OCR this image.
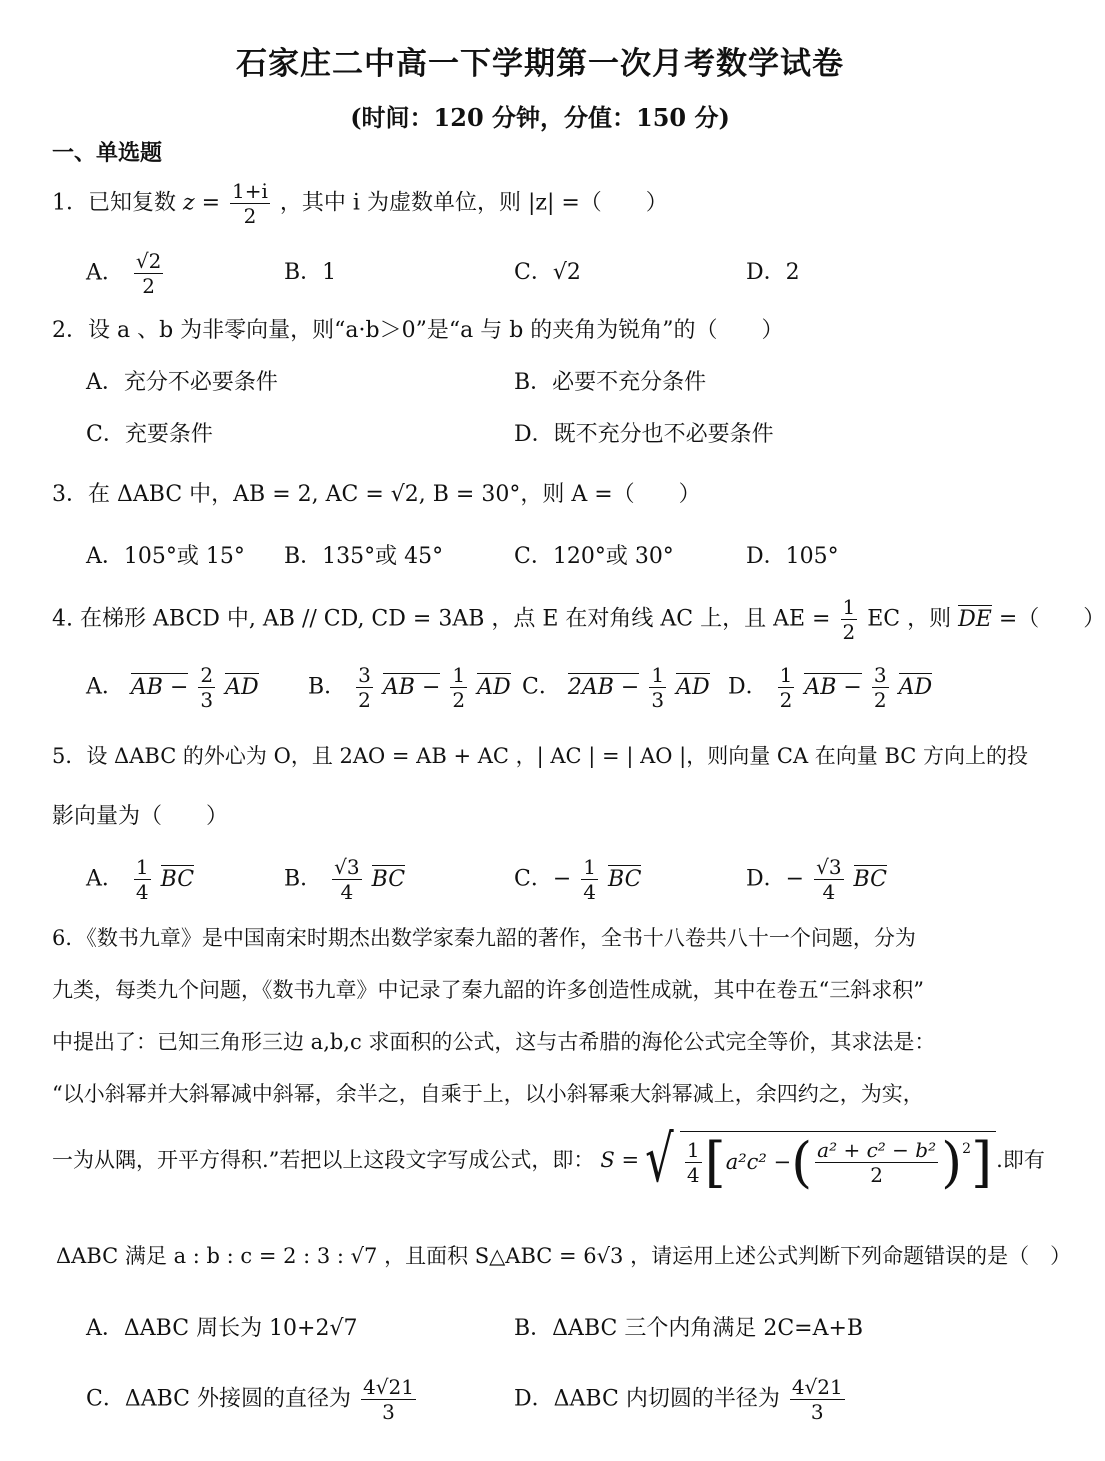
石家庄二中高一下学期第一次月考数学试卷
(时间：120 分钟，分值：150 分)
一、单选题
1．已知复数 $z = \frac{1+i}{2}$ ，其中 i 为虚数单位，则 |z| =（　　）
A． $\frac{√2}{2}$	B．1	C．√2	D．2
2．设 a 、b 为非零向量，则“a·b＞0”是“a 与 b 的夹角为锐角”的（　　）
A．充分不必要条件	B．必要不充分条件
C．充要条件	D．既不充分也不必要条件
3．在 ΔABC 中，AB = 2, AC = √2, B = 30°，则 A =（　　）
A．105°或 15° B．135°或 45°	C．120°或 30°	D．105°
4. 在梯形 ABCD 中, AB // CD, CD = 3AB ，点 E 在对角线 AC 上，且 AE = $\frac{1}{2}$ EC ，则 DE =（　　）
A． AB − $\frac{2}{3}$ AD B． $\frac{3}{2}$ AB − $\frac{1}{2}$ AD C． $2AB - \frac{1}{3}$ AD D． $\frac{1}{2}$ AB − $\frac{3}{2}$ AD
5．设 ΔABC 的外心为 O，且 2AO = AB + AC ，| AC | = | AO |，则向量 CA 在向量 BC 方向上的投
影向量为（　　）
A． $\frac{1}{4}$ BC	B． $\frac{√3}{4}$ BC	C．− $\frac{1}{4}$ BC	D．− $\frac{√3}{4}$ BC
6．《数书九章》是中国南宋时期杰出数学家秦九韶的著作，全书十八卷共八十一个问题，分为
九类，每类九个问题，《数书九章》中记录了秦九韶的许多创造性成就，其中在卷五“三斜求积”
中提出了：已知三角形三边 a,b,c 求面积的公式，这与古希腊的海伦公式完全等价，其求法是：
“以小斜幂并大斜幂减中斜幂，余半之，自乘于上，以小斜幂乘大斜幂减上，余四约之，为实，
一为从隅，开平方得积.”若把以上这段文字写成公式，即： S = √ $\frac{1}{4}$ [ a²c² − ( $\frac{\text{a² + c² − b²}}{2} )^2$ ] .即有
ΔABC 满足 a : b : c = 2 : 3 : √7 ，且面积 S△ABC = 6√3 ，请运用上述公式判断下列命题错误的是（　）
A．ΔABC 周长为 10+2√7	B．ΔABC 三个内角满足 2C=A+B
C．ΔABC 外接圆的直径为 $\frac{4√21}{3}$	D．ΔABC 内切圆的半径为 $\frac{4√21}{3}$
